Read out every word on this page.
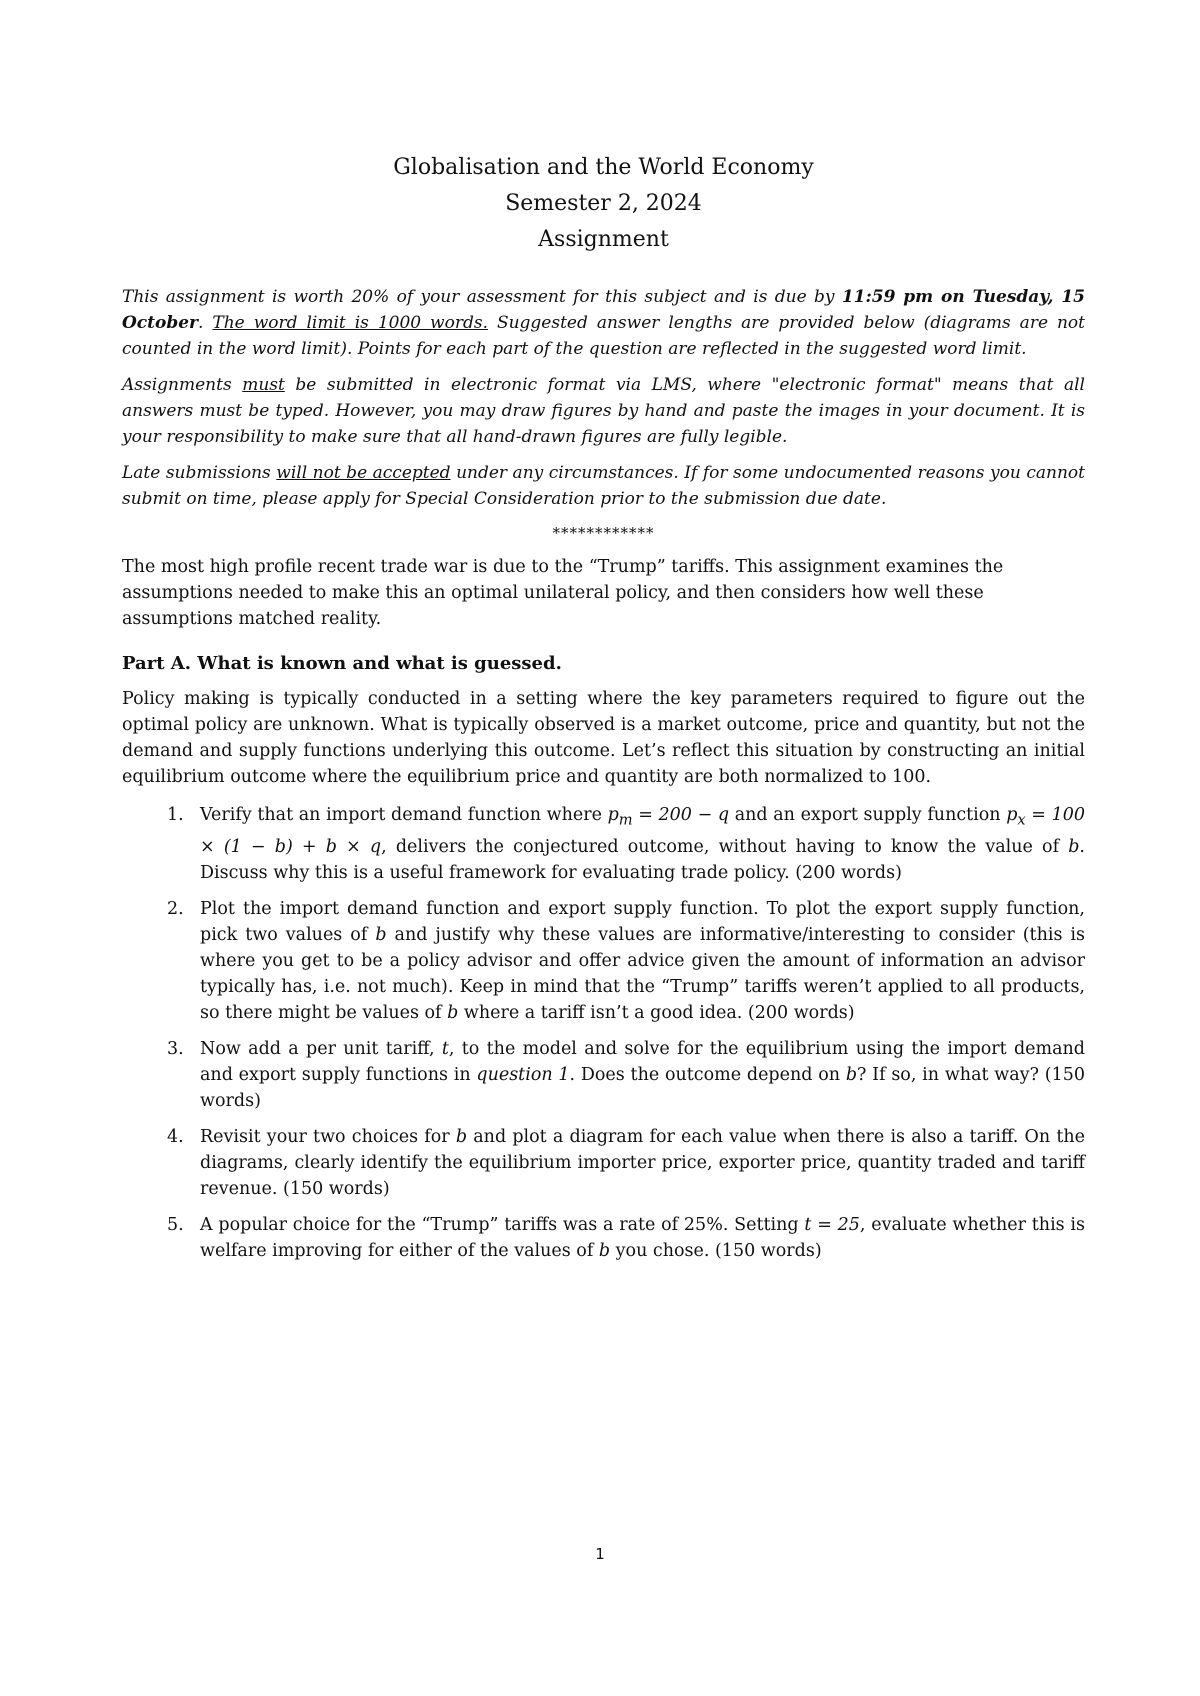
Globalisation and the World Economy
Semester 2, 2024
Assignment

This assignment is worth 20% of your assessment for this subject and is due by 11:59 pm on Tuesday, 15 October. The word limit is 1000 words. Suggested answer lengths are provided below (diagrams are not counted in the word limit). Points for each part of the question are reflected in the suggested word limit.

Assignments must be submitted in electronic format via LMS, where "electronic format" means that all answers must be typed. However, you may draw figures by hand and paste the images in your document. It is your responsibility to make sure that all hand-drawn figures are fully legible.

Late submissions will not be accepted under any circumstances. If for some undocumented reasons you cannot submit on time, please apply for Special Consideration prior to the submission due date.

************

The most high profile recent trade war is due to the “Trump” tariffs. This assignment examines the assumptions needed to make this an optimal unilateral policy, and then considers how well these assumptions matched reality.

Part A. What is known and what is guessed.

Policy making is typically conducted in a setting where the key parameters required to figure out the optimal policy are unknown. What is typically observed is a market outcome, price and quantity, but not the demand and supply functions underlying this outcome. Let’s reflect this situation by constructing an initial equilibrium outcome where the equilibrium price and quantity are both normalized to 100.

1. Verify that an import demand function where $p_m = 200 - q$ and an export supply function $p_x = 100 \times (1 - b) + b \times q$, delivers the conjectured outcome, without having to know the value of b. Discuss why this is a useful framework for evaluating trade policy. (200 words)
2. Plot the import demand function and export supply function. To plot the export supply function, pick two values of b and justify why these values are informative/interesting to consider (this is where you get to be a policy advisor and offer advice given the amount of information an advisor typically has, i.e. not much). Keep in mind that the “Trump” tariffs weren’t applied to all products, so there might be values of b where a tariff isn’t a good idea. (200 words)
3. Now add a per unit tariff, t, to the model and solve for the equilibrium using the import demand and export supply functions in question 1. Does the outcome depend on b? If so, in what way? (150 words)
4. Revisit your two choices for b and plot a diagram for each value when there is also a tariff. On the diagrams, clearly identify the equilibrium importer price, exporter price, quantity traded and tariff revenue. (150 words)
5. A popular choice for the “Trump” tariffs was a rate of 25%. Setting t = 25, evaluate whether this is welfare improving for either of the values of b you chose. (150 words)
1
